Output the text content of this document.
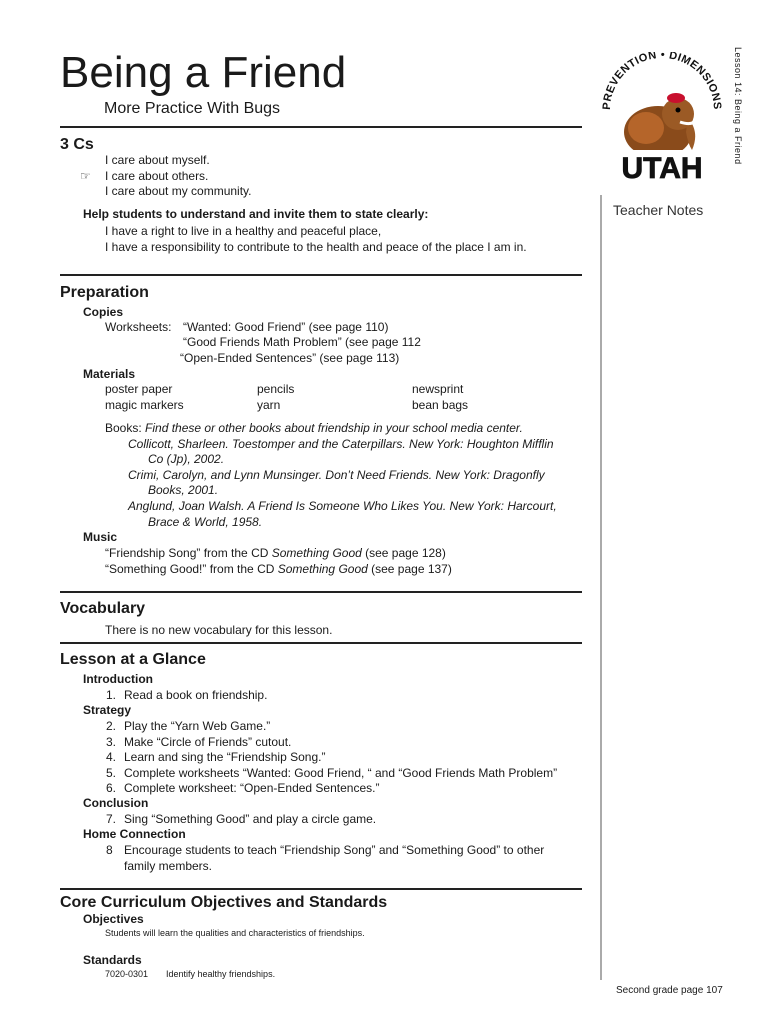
Being a Friend
More Practice With Bugs	PREVENTION • DIMENSIONS
UTAH
Lesson 14: Being a Friend
Teacher Notes
3 Cs
I care about myself.
☞ I care about others.
I care about my community.
Help students to understand and invite them to state clearly:
I have a right to live in a healthy and peaceful place,
I have a responsibility to contribute to the health and peace of the place I am in.
Preparation
Copies
Worksheets: “Wanted: Good Friend” (see page 110)
“Good Friends Math Problem” (see page 112
“Open-Ended Sentences” (see page 113)
Materials
poster paper	pencils	newsprint
magic markers	yarn	bean bags
Books: Find these or other books about friendship in your school media center.
Collicott, Sharleen. Toestomper and the Caterpillars. New York: Houghton Mifflin
Co (Jp), 2002.
Crimi, Carolyn, and Lynn Munsinger. Don’t Need Friends. New York: Dragonfly
Books, 2001.
Anglund, Joan Walsh. A Friend Is Someone Who Likes You. New York: Harcourt,
Brace & World, 1958.
Music
“Friendship Song” from the CD Something Good (see page 128)
“Something Good!” from the CD Something Good (see page 137)
Vocabulary
There is no new vocabulary for this lesson.
Lesson at a Glance
Introduction
1. Read a book on friendship.
Strategy
2. Play the “Yarn Web Game.”
3. Make “Circle of Friends” cutout.
4. Learn and sing the “Friendship Song.”
5. Complete worksheets “Wanted: Good Friend, “ and “Good Friends Math Problem”
6. Complete worksheet: “Open-Ended Sentences.”
Conclusion
7. Sing “Something Good” and play a circle game.
Home Connection
8 Encourage students to teach “Friendship Song” and “Something Good” to other
family members.
Core Curriculum Objectives and Standards
Objectives
Students will learn the qualities and characteristics of friendships.
Standards
7020-0301 Identify healthy friendships.
Second grade page 107
